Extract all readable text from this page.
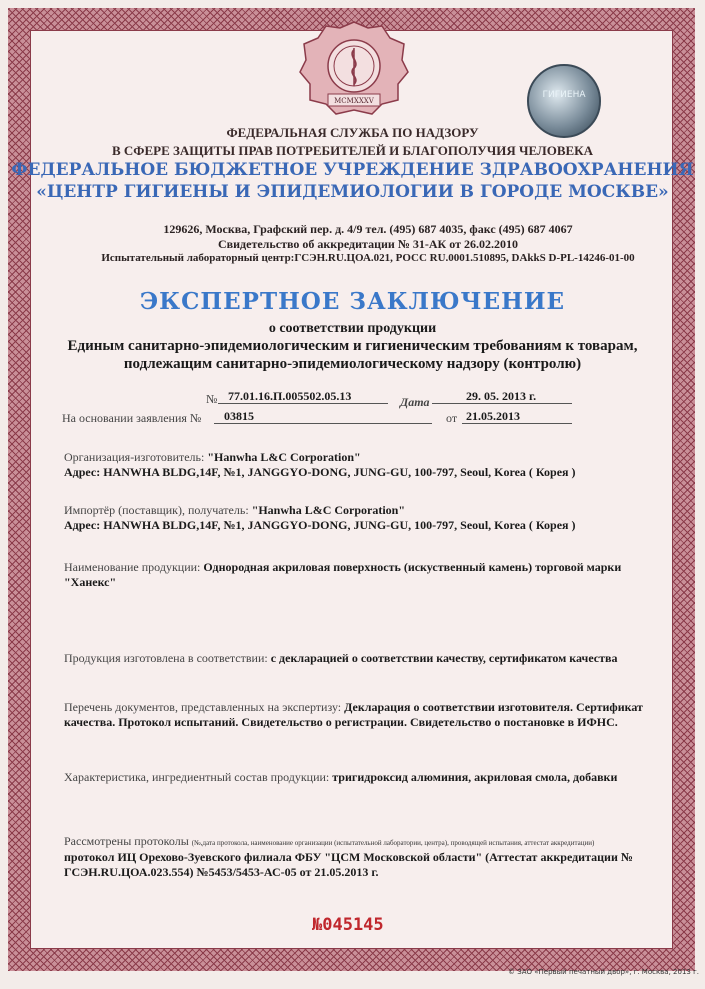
MCMXXXV
ГИГИЕНА
ФЕДЕРАЛЬНАЯ СЛУЖБА ПО НАДЗОРУ
В СФЕРЕ ЗАЩИТЫ ПРАВ ПОТРЕБИТЕЛЕЙ И БЛАГОПОЛУЧИЯ ЧЕЛОВЕКА
ФЕДЕРАЛЬНОЕ БЮДЖЕТНОЕ УЧРЕЖДЕНИЕ ЗДРАВООХРАНЕНИЯ
«ЦЕНТР ГИГИЕНЫ И ЭПИДЕМИОЛОГИИ В ГОРОДЕ МОСКВЕ»
129626, Москва, Графский пер. д. 4/9 тел. (495) 687 4035, факс (495) 687 4067
Свидетельство об аккредитации № 31-АК от 26.02.2010
Испытательный лабораторный центр:ГСЭН.RU.ЦОА.021, РОСС RU.0001.510895, DAkkS D-PL-14246-01-00
ЭКСПЕРТНОЕ ЗАКЛЮЧЕНИЕ
о соответствии продукции
Единым санитарно-эпидемиологическим и гигиеническим требованиям к товарам,
подлежащим санитарно-эпидемиологическому надзору (контролю)
№ 77.01.16.П.005502.05.13	Дата	29. 05. 2013 г.
На основании заявления № 03815	от 21.05.2013
Организация-изготовитель: "Hanwha L&C Corporation"
Адрес: HANWHA BLDG,14F, №1, JANGGYO-DONG, JUNG-GU, 100-797, Seoul, Korea ( Корея )
Импортёр (поставщик), получатель: "Hanwha L&C Corporation"
Адрес: HANWHA BLDG,14F, №1, JANGGYO-DONG, JUNG-GU, 100-797, Seoul, Korea ( Корея )
Наименование продукции: Однородная акриловая поверхность (искуственный камень) торговой марки
"Ханекс"
Продукция изготовлена в соответствии: с декларацией о соответствии качеству, сертификатом качества
Перечень документов, представленных на экспертизу: Декларация о соответствии изготовителя. Сертификат
качества. Протокол испытаний. Свидетельство о регистрации. Свидетельство о постановке в ИФНС.
Характеристика, ингредиентный состав продукции: тригидроксид алюминия, акриловая смола, добавки
Рассмотрены протоколы (№,дата протокола, наименование организации (испытательной лаборатории, центра), проводящей испытания, аттестат аккредитации)
протокол ИЦ Орехово-Зуевского филиала ФБУ "ЦСМ Московской области" (Аттестат аккредитации №
ГСЭН.RU.ЦОА.023.554) №5453/5453-АС-05 от 21.05.2013 г.
№045145
© ЗАО «Первый печатный двор», г. Москва, 2013 г.
